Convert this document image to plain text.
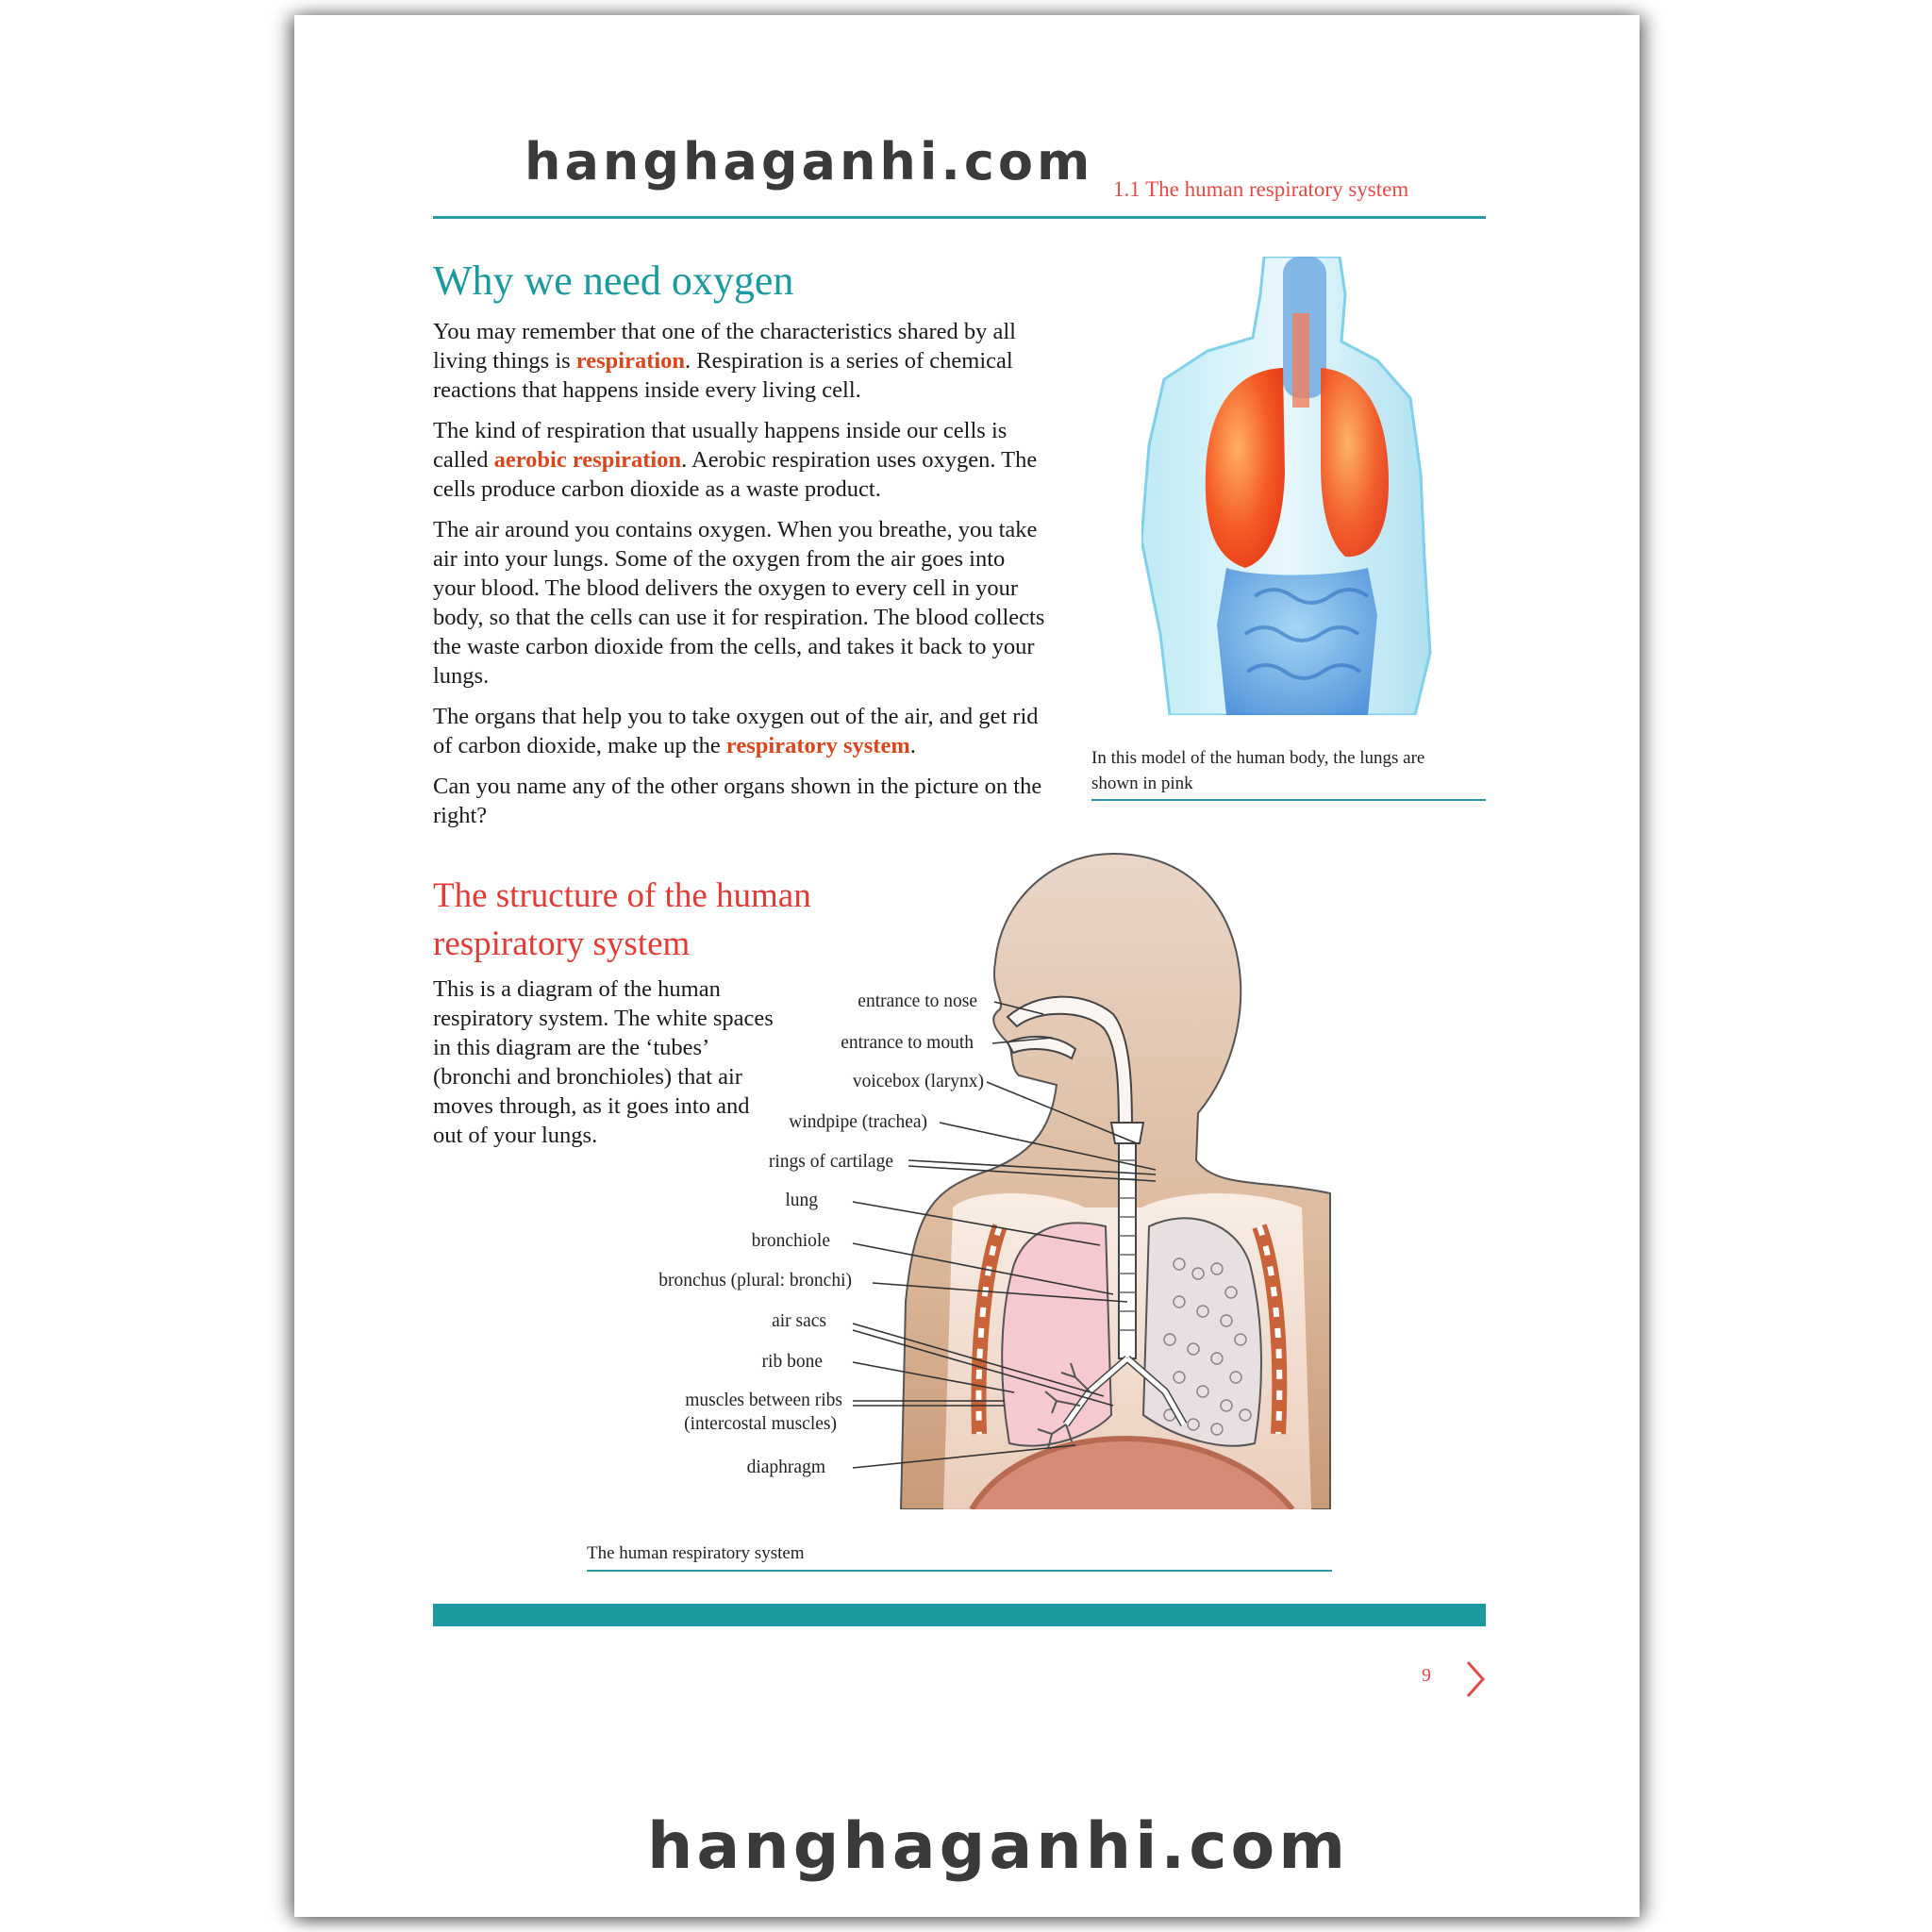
hanghaganhi.com 1.1 The human respiratory system
Why we need oxygen

You may remember that one of the characteristics shared by all living things is respiration. Respiration is a series of chemical reactions that happens inside every living cell.

The kind of respiration that usually happens inside our cells is called aerobic respiration. Aerobic respiration uses oxygen. The cells produce carbon dioxide as a waste product.

The air around you contains oxygen. When you breathe, you take air into your lungs. Some of the oxygen from the air goes into your blood. The blood delivers the oxygen to every cell in your body, so that the cells can use it for respiration. The blood collects the waste carbon dioxide from the cells, and takes it back to your lungs.

The organs that help you to take oxygen out of the air, and get rid of carbon dioxide, make up the respiratory system.

Can you name any of the other organs shown in the picture on the right?

In this model of the human body, the lungs are shown in pink
The structure of the human respiratory system
This is a diagram of the human respiratory system. The white spaces in this diagram are the ‘tubes’ (bronchi and bronchioles) that air moves through, as it goes into and out of your lungs.
entrance to nose
entrance to mouth
voicebox (larynx)
windpipe (trachea)
rings of cartilage
lung
bronchiole
bronchus (plural: bronchi)
air sacs
rib bone
muscles between ribs
(intercostal muscles)
diaphragm
The human respiratory system
9
hanghaganhi.com
